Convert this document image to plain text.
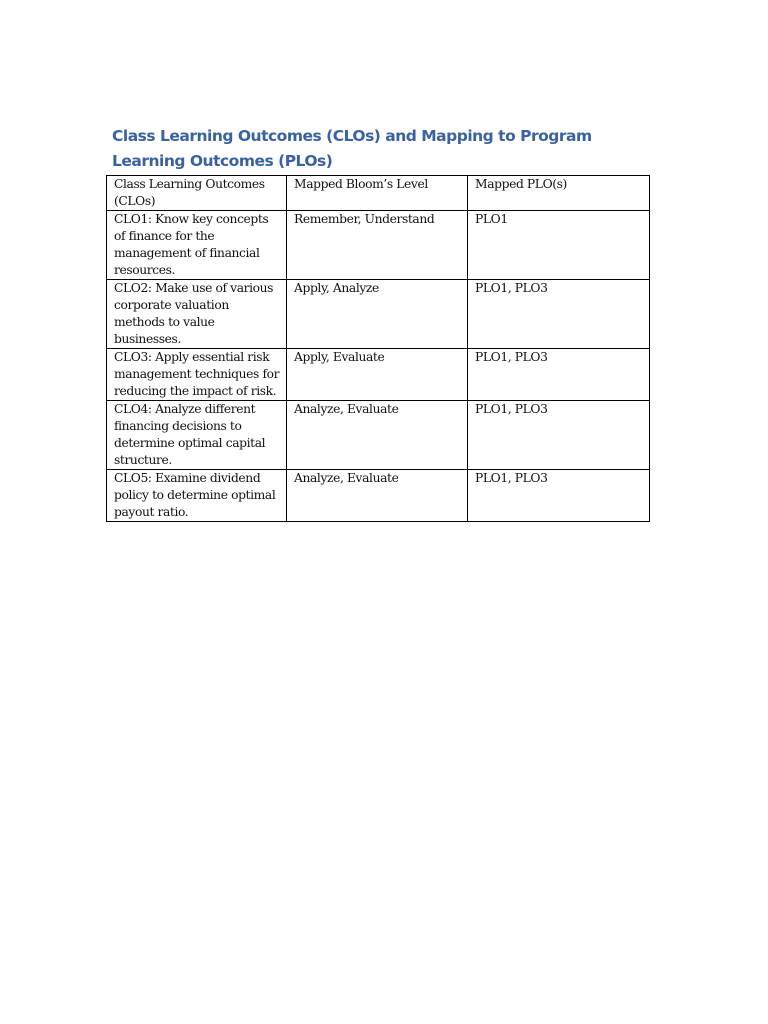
Class Learning Outcomes (CLOs) and Mapping to Program Learning Outcomes (PLOs)
Class Learning Outcomes (CLOs)	Mapped Bloom’s Level	Mapped PLO(s)
CLO1: Know key concepts of finance for the management of financial resources.	Remember, Understand	PLO1
CLO2: Make use of various corporate valuation methods to value businesses.	Apply, Analyze	PLO1, PLO3
CLO3: Apply essential risk management techniques for reducing the impact of risk.	Apply, Evaluate	PLO1, PLO3
CLO4: Analyze different financing decisions to determine optimal capital structure.	Analyze, Evaluate	PLO1, PLO3
CLO5: Examine dividend policy to determine optimal payout ratio.	Analyze, Evaluate	PLO1, PLO3
